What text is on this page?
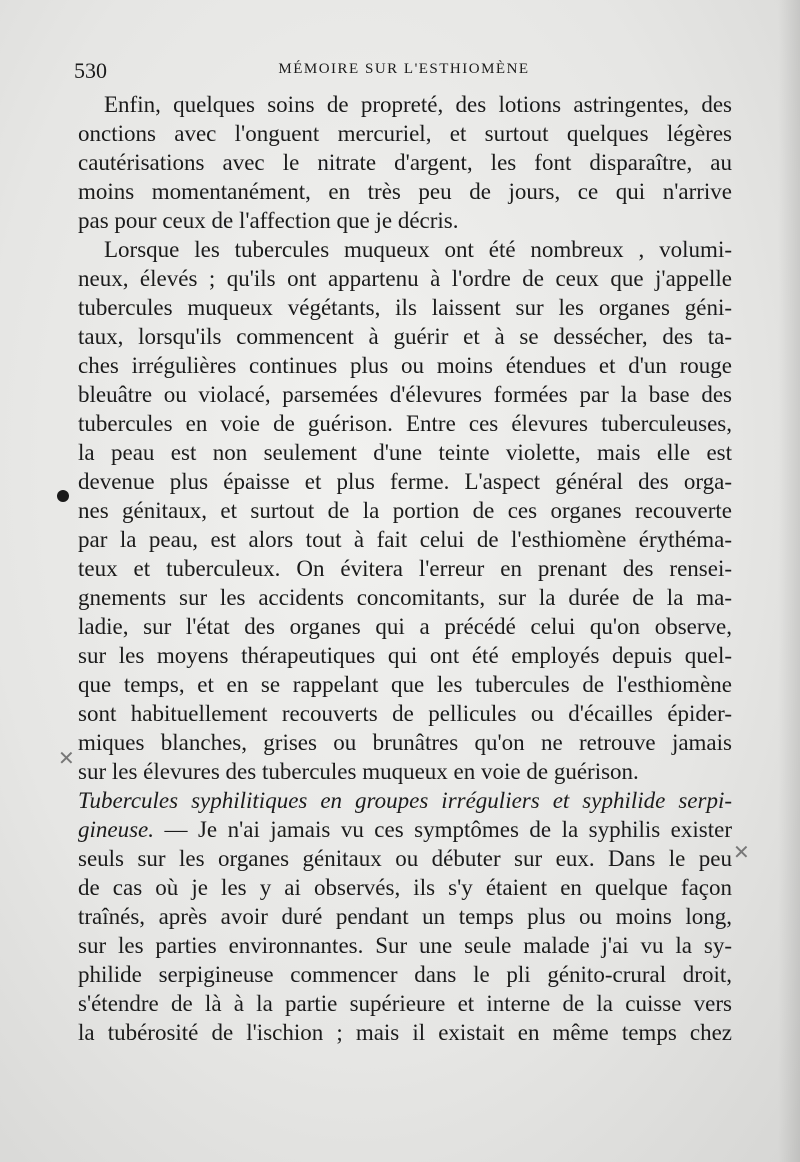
530	MÉMOIRE SUR L'ESTHIOMÈNE
✕
✕
Enfin, quelques soins de propreté, des lotions astringentes, des
onctions avec l'onguent mercuriel, et surtout quelques légères
cautérisations avec le nitrate d'argent, les font disparaître, au
moins momentanément, en très peu de jours, ce qui n'arrive
pas pour ceux de l'affection que je décris.
Lorsque les tubercules muqueux ont été nombreux , volumi-
neux, élevés ; qu'ils ont appartenu à l'ordre de ceux que j'appelle
tubercules muqueux végétants, ils laissent sur les organes géni-
taux, lorsqu'ils commencent à guérir et à se dessécher, des ta-
ches irrégulières continues plus ou moins étendues et d'un rouge
bleuâtre ou violacé, parsemées d'élevures formées par la base des
tubercules en voie de guérison. Entre ces élevures tuberculeuses,
la peau est non seulement d'une teinte violette, mais elle est
devenue plus épaisse et plus ferme. L'aspect général des orga-
nes génitaux, et surtout de la portion de ces organes recouverte
par la peau, est alors tout à fait celui de l'esthiomène érythéma-
teux et tuberculeux. On évitera l'erreur en prenant des rensei-
gnements sur les accidents concomitants, sur la durée de la ma-
ladie, sur l'état des organes qui a précédé celui qu'on observe,
sur les moyens thérapeutiques qui ont été employés depuis quel-
que temps, et en se rappelant que les tubercules de l'esthiomène
sont habituellement recouverts de pellicules ou d'écailles épider-
miques blanches, grises ou brunâtres qu'on ne retrouve jamais
sur les élevures des tubercules muqueux en voie de guérison.
Tubercules syphilitiques en groupes irréguliers et syphilide serpi-
gineuse. — Je n'ai jamais vu ces symptômes de la syphilis exister
seuls sur les organes génitaux ou débuter sur eux. Dans le peu
de cas où je les y ai observés, ils s'y étaient en quelque façon
traînés, après avoir duré pendant un temps plus ou moins long,
sur les parties environnantes. Sur une seule malade j'ai vu la sy-
philide serpigineuse commencer dans le pli génito-crural droit,
s'étendre de là à la partie supérieure et interne de la cuisse vers
la tubérosité de l'ischion ; mais il existait en même temps chez
